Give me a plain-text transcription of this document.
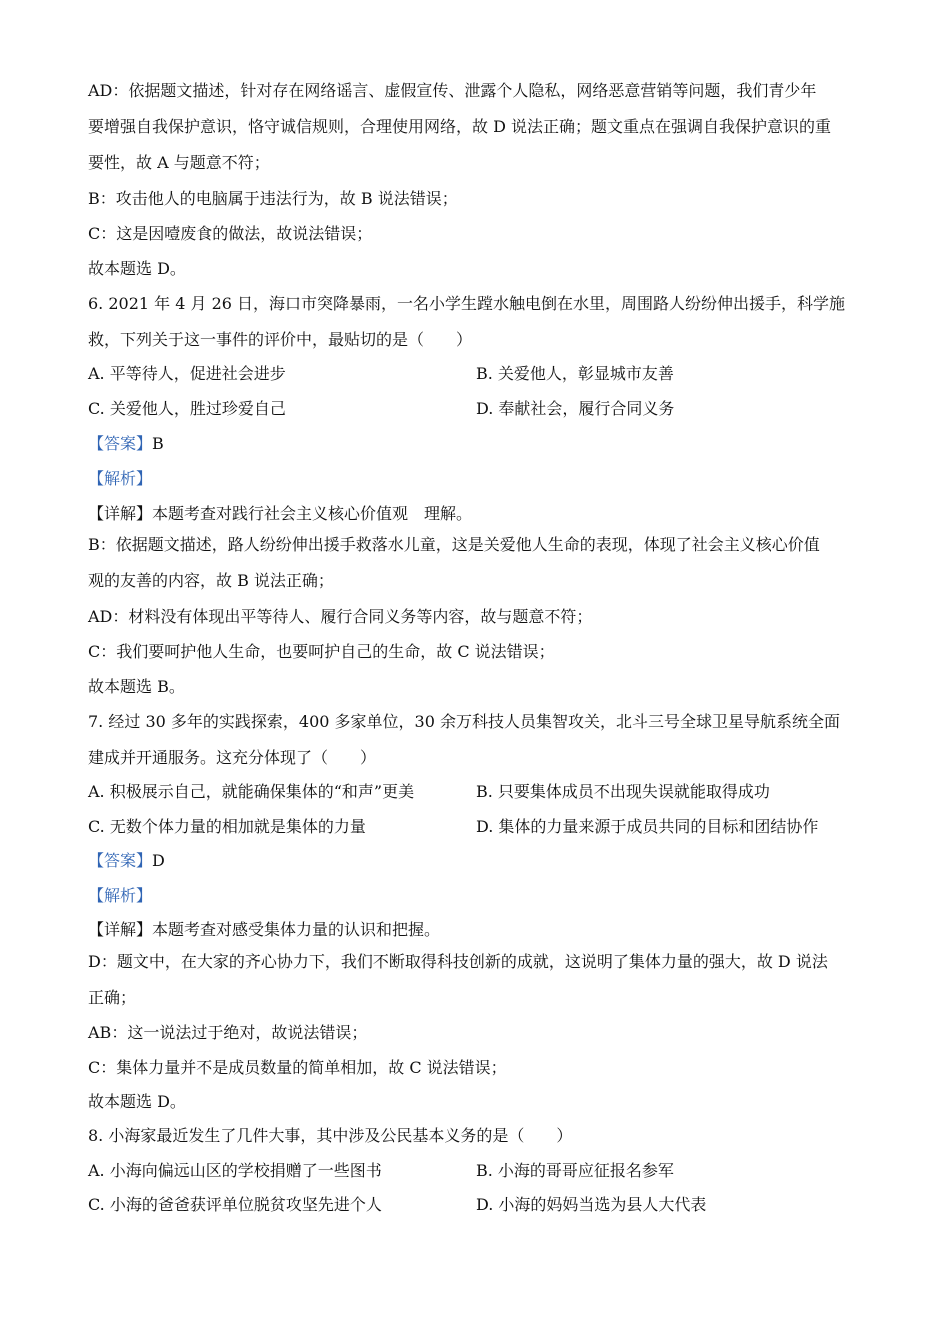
AD：依据题文描述，针对存在网络谣言、虚假宣传、泄露个人隐私，网络恶意营销等问题，我们青少年
要增强自我保护意识，恪守诚信规则，合理使用网络，故 D 说法正确；题文重点在强调自我保护意识的重
要性，故 A 与题意不符；
B：攻击他人的电脑属于违法行为，故 B 说法错误；
C：这是因噎废食的做法，故说法错误；
故本题选 D。
6. 2021 年 4 月 26 日，海口市突降暴雨，一名小学生蹚水触电倒在水里，周围路人纷纷伸出援手，科学施
救，下列关于这一事件的评价中，最贴切的是（　　）
A. 平等待人，促进社会进步	B. 关爱他人，彰显城市友善
C. 关爱他人，胜过珍爱自己	D. 奉献社会，履行合同义务
【答案】B
【解析】
【详解】本题考查对践行社会主义核心价值观　理解。
B：依据题文描述，路人纷纷伸出援手救落水儿童，这是关爱他人生命的表现，体现了社会主义核心价值
观的友善的内容，故 B 说法正确；
AD：材料没有体现出平等待人、履行合同义务等内容，故与题意不符；
C：我们要呵护他人生命，也要呵护自己的生命，故 C 说法错误；
故本题选 B。
7. 经过 30 多年的实践探索，400 多家单位，30 余万科技人员集智攻关，北斗三号全球卫星导航系统全面
建成并开通服务。这充分体现了（　　）
A. 积极展示自己，就能确保集体的“和声”更美	B. 只要集体成员不出现失误就能取得成功
C. 无数个体力量的相加就是集体的力量	D. 集体的力量来源于成员共同的目标和团结协作
【答案】D
【解析】
【详解】本题考查对感受集体力量的认识和把握。
D：题文中，在大家的齐心协力下，我们不断取得科技创新的成就，这说明了集体力量的强大，故 D 说法
正确；
AB：这一说法过于绝对，故说法错误；
C：集体力量并不是成员数量的简单相加，故 C 说法错误；
故本题选 D。
8. 小海家最近发生了几件大事，其中涉及公民基本义务的是（　　）
A. 小海向偏远山区的学校捐赠了一些图书	B. 小海的哥哥应征报名参军
C. 小海的爸爸获评单位脱贫攻坚先进个人	D. 小海的妈妈当选为县人大代表
